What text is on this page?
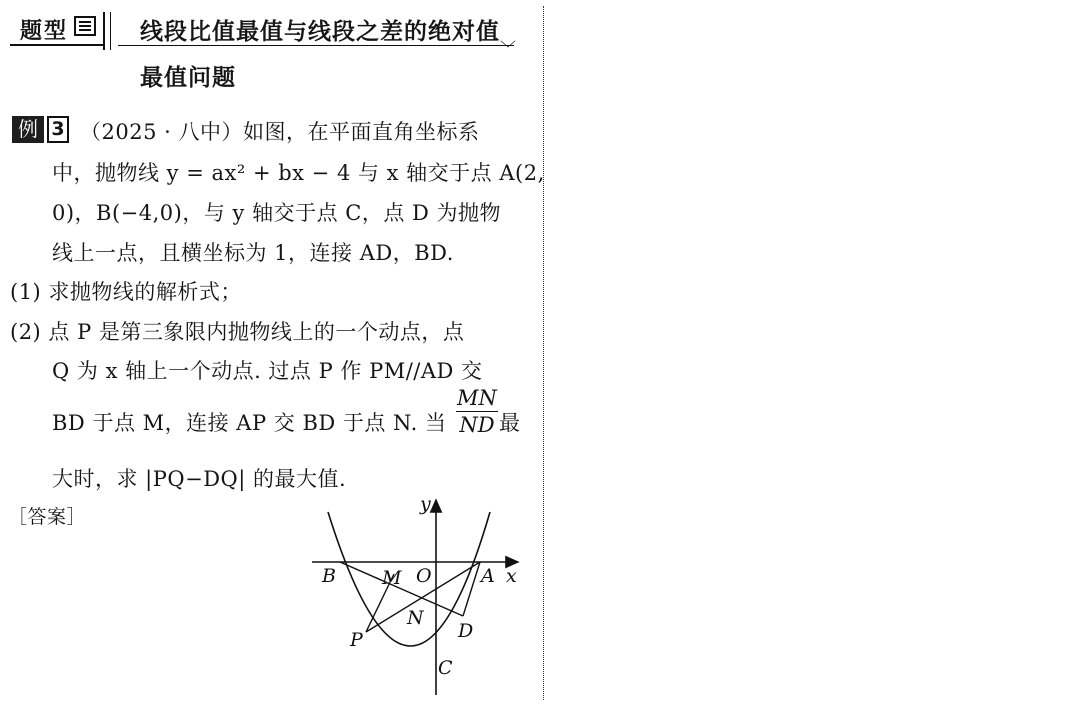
题型	线段比值最值与线段之差的绝对值
﹀
最值问题
例 3 （2025 · 八中）如图，在平面直角坐标系
中，抛物线 y = ax² + bx − 4 与 x 轴交于点 A(2,
0)，B(−4,0)，与 y 轴交于点 C，点 D 为抛物
线上一点，且横坐标为 1，连接 AD，BD.
(1) 求抛物线的解析式；
(2) 点 P 是第三象限内抛物线上的一个动点，点
Q 为 x 轴上一个动点. 过点 P 作 PM//AD 交
BD 于点 M，连接 AP 交 BD 于点 N. 当 $\frac{MN}{ND}$ 最
大时，求 |PQ−DQ| 的最大值.
［答案］
y
x
O	A
B M
N
D
P
C
